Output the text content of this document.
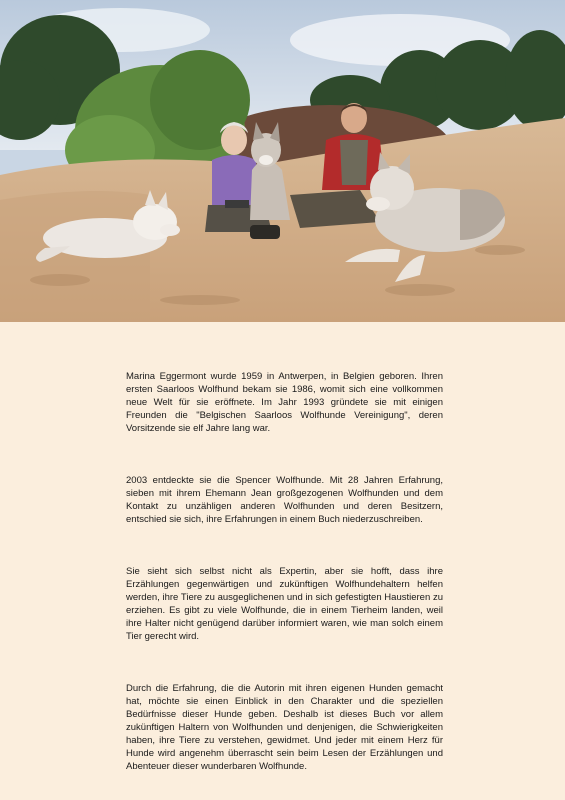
Marina Eggermont wurde 1959 in Antwerpen, in Belgien geboren. Ihren ersten Saarloos Wolfhund bekam sie 1986, womit sich eine vollkommen neue Welt für sie eröffnete. Im Jahr 1993 gründete sie mit einigen Freunden die "Belgischen Saarloos Wolfhunde Vereinigung", deren Vorsitzende sie elf Jahre lang war.

2003 entdeckte sie die Spencer Wolfhunde. Mit 28 Jahren Erfahrung, sieben mit ihrem Ehemann Jean großgezogenen Wolfhunden und dem Kontakt zu unzähligen anderen Wolfhunden und deren Besitzern, entschied sie sich, ihre Erfahrungen in einem Buch niederzuschreiben.

Sie sieht sich selbst nicht als Expertin, aber sie hofft, dass ihre Erzählungen gegenwärtigen und zukünftigen Wolfhundehaltern helfen werden, ihre Tiere zu ausgeglichenen und in sich gefestigten Haustieren zu erziehen. Es gibt zu viele Wolfhunde, die in einem Tierheim landen, weil ihre Halter nicht genügend darüber informiert waren, wie man solch einem Tier gerecht wird.

Durch die Erfahrung, die die Autorin mit ihren eigenen Hunden gemacht hat, möchte sie einen Einblick in den Charakter und die speziellen Bedürfnisse dieser Hunde geben. Deshalb ist dieses Buch vor allem zukünftigen Haltern von Wolfhunden und denjenigen, die Schwierigkeiten haben, ihre Tiere zu verstehen, gewidmet. Und jeder mit einem Herz für Hunde wird angenehm überrascht sein beim Lesen der Erzählungen und Abenteuer dieser wunderbaren Wolfhunde.
